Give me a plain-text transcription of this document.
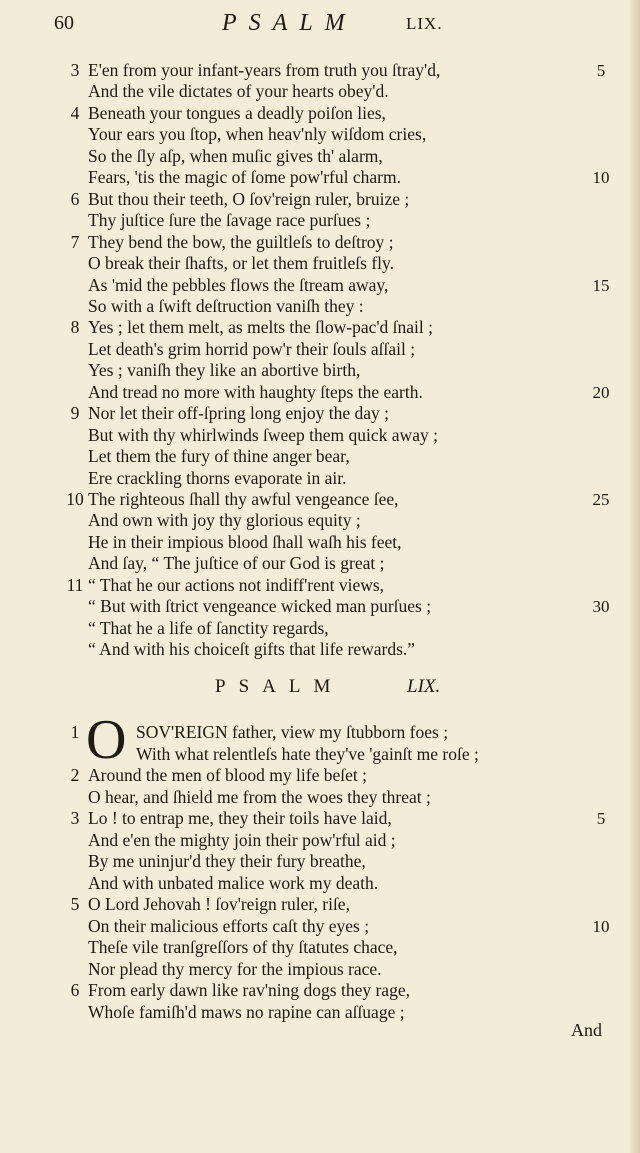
60	PSALM	LIX.
3 E'en from your infant-years from truth you ſtray'd,	5
And the vile dictates of your hearts obey'd.
4 Beneath your tongues a deadly poiſon lies,
Your ears you ſtop, when heav'nly wiſdom cries,
So the ſly aſp, when muſic gives th' alarm,
Fears, 'tis the magic of ſome pow'rful charm.	10
6 But thou their teeth, O ſov'reign ruler, bruize ;
Thy juſtice ſure the ſavage race purſues ;
7 They bend the bow, the guiltleſs to deſtroy ;
O break their ſhafts, or let them fruitleſs fly.
As 'mid the pebbles flows the ſtream away,	15
So with a ſwift deſtruction vaniſh they :
8 Yes ; let them melt, as melts the ſlow-pac'd ſnail ;
Let death's grim horrid pow'r their ſouls aſſail ;
Yes ; vaniſh they like an abortive birth,
And tread no more with haughty ſteps the earth.	20
9 Nor let their off-ſpring long enjoy the day ;
But with thy whirlwinds ſweep them quick away ;
Let them the fury of thine anger bear,
Ere crackling thorns evaporate in air.
10 The righteous ſhall thy awful vengeance ſee,	25
And own with joy thy glorious equity ;
He in their impious blood ſhall waſh his feet,
And ſay, “ The juſtice of our God is great ;
11 “ That he our actions not indiff'rent views,
“ But with ſtrict vengeance wicked man purſues ;	30
“ That he a life of ſanctity regards,
“ And with his choiceſt gifts that life rewards.”
PSALM	LIX.
O
1	SOV'REIGN father, view my ſtubborn foes ;
With what relentleſs hate they've 'gainſt me roſe ;
2 Around the men of blood my life beſet ;
O hear, and ſhield me from the woes they threat ;
3 Lo ! to entrap me, they their toils have laid,	5
And e'en the mighty join their pow'rful aid ;
By me uninjur'd they their fury breathe,
And with unbated malice work my death.
5 O Lord Jehovah ! ſov'reign ruler, riſe,
On their malicious efforts caſt thy eyes ;	10
Theſe vile tranſgreſſors of thy ſtatutes chace,
Nor plead thy mercy for the impious race.
6 From early dawn like rav'ning dogs they rage,
Whoſe famiſh'd maws no rapine can aſſuage ;
And
